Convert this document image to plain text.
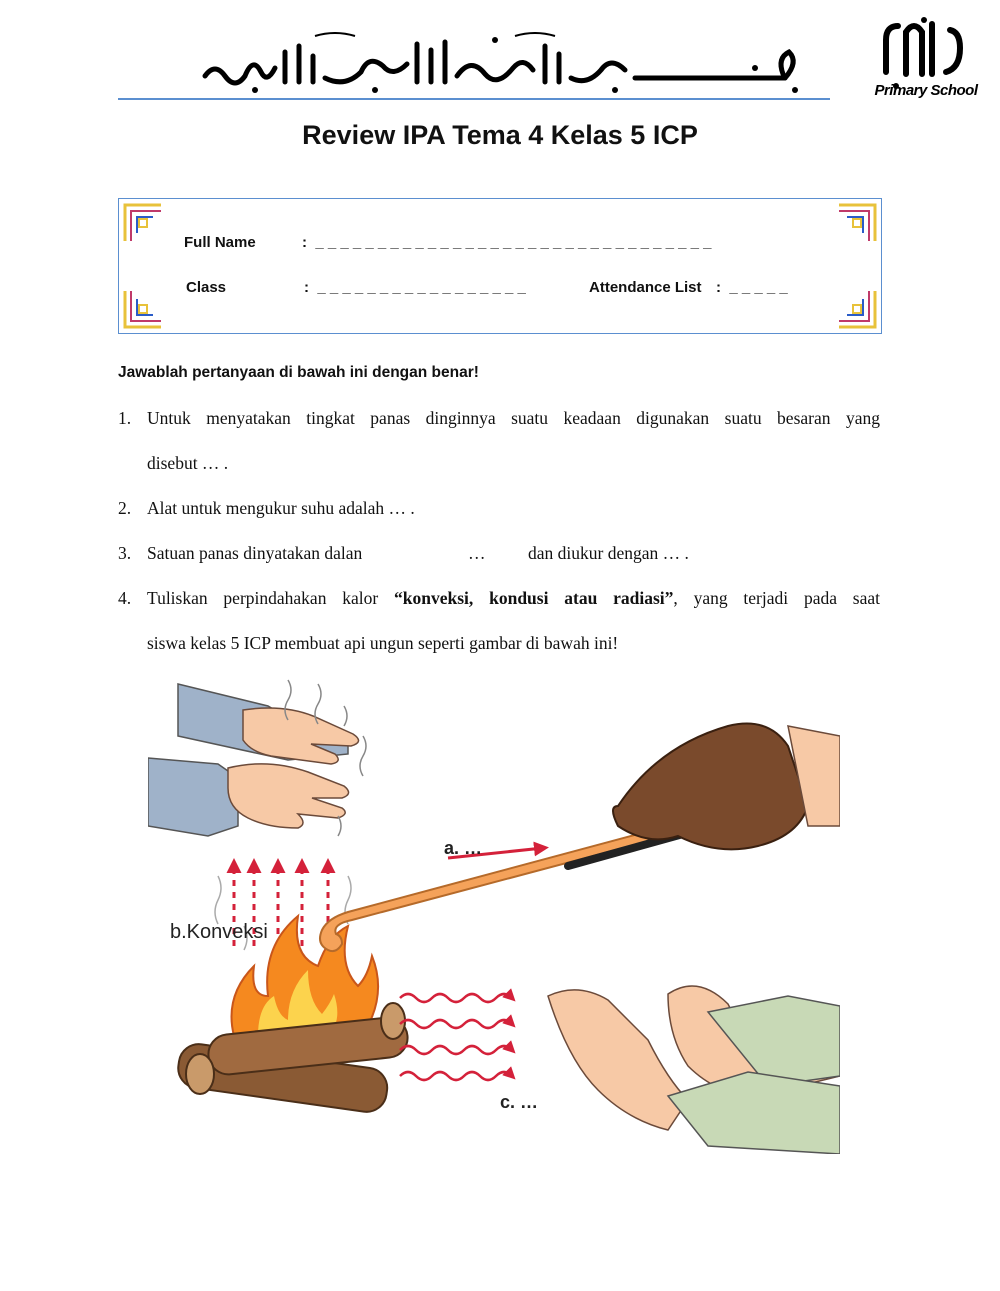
Primary School
Review IPA Tema 4 Kelas 5 ICP
Full Name	:  _ _ _ _ _ _ _ _ _ _ _ _ _ _ _ _ _ _ _ _ _ _ _ _ _ _ _ _ _ _ _ _
Class	:  _ _ _ _ _ _ _ _ _ _ _ _ _ _ _ _ _	Attendance List :  _ _ _ _ _
Jawablah pertanyaan di bawah ini dengan benar!
1. Untuk menyatakan tingkat panas dinginnya suatu keadaan digunakan suatu besaran yang
disebut … .
2. Alat untuk mengukur suhu adalah … .
3. Satuan panas dinyatakan dalan	… dan diukur dengan … .
4. Tuliskan perpindahakan kalor “konveksi, kondusi atau radiasi”, yang terjadi pada saat
siswa kelas 5 ICP membuat api ungun seperti gambar di bawah ini!
b.Konveksi
a. …
c. …
